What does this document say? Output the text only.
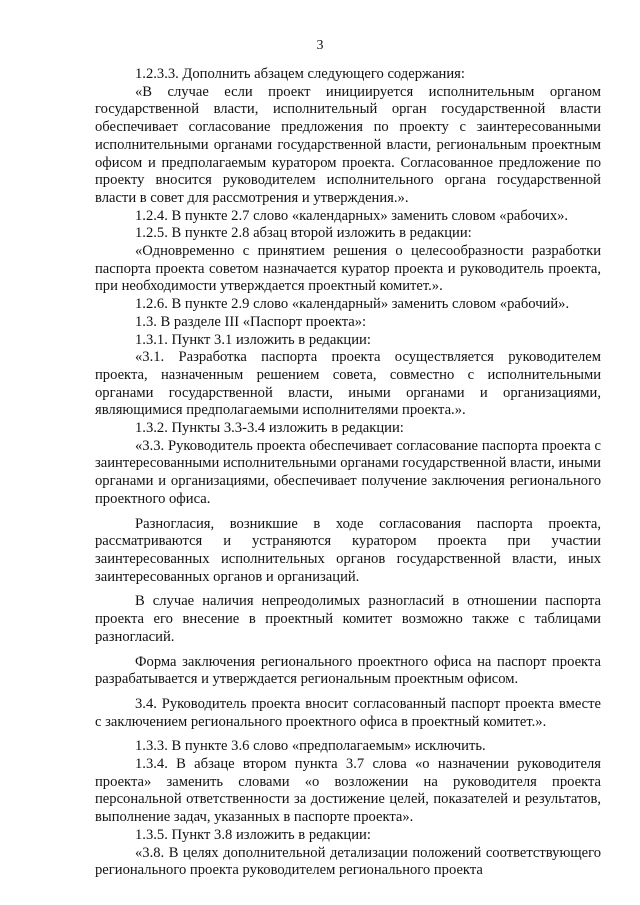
3

1.2.3.3. Дополнить абзацем следующего содержания:

«В случае если проект инициируется исполнительным органом государственной власти, исполнительный орган государственной власти обеспечивает согласование предложения по проекту с заинтересованными исполнительными органами государственной власти, региональным проектным офисом и предполагаемым куратором проекта. Согласованное предложение по проекту вносится руководителем исполнительного органа государственной власти в совет для рассмотрения и утверждения.».

1.2.4. В пункте 2.7 слово «календарных» заменить словом «рабочих».

1.2.5. В пункте 2.8 абзац второй изложить в редакции:

«Одновременно с принятием решения о целесообразности разработки паспорта проекта советом назначается куратор проекта и руководитель проекта, при необходимости утверждается проектный комитет.».

1.2.6. В пункте 2.9 слово «календарный» заменить словом «рабочий».

1.3. В разделе III «Паспорт проекта»:

1.3.1. Пункт 3.1 изложить в редакции:

«3.1. Разработка паспорта проекта осуществляется руководителем проекта, назначенным решением совета, совместно с исполнительными органами государственной власти, иными органами и организациями, являющимися предполагаемыми исполнителями проекта.».

1.3.2. Пункты 3.3-3.4 изложить в редакции:

«3.3. Руководитель проекта обеспечивает согласование паспорта проекта с заинтересованными исполнительными органами государственной власти, иными органами и организациями, обеспечивает получение заключения регионального проектного офиса.

Разногласия, возникшие в ходе согласования паспорта проекта, рассматриваются и устраняются куратором проекта при участии заинтересованных исполнительных органов государственной власти, иных заинтересованных органов и организаций.

В случае наличия непреодолимых разногласий в отношении паспорта проекта его внесение в проектный комитет возможно также с таблицами разногласий.

Форма заключения регионального проектного офиса на паспорт проекта разрабатывается и утверждается региональным проектным офисом.

3.4. Руководитель проекта вносит согласованный паспорт проекта вместе с заключением регионального проектного офиса в проектный комитет.».

1.3.3. В пункте 3.6 слово «предполагаемым» исключить.

1.3.4. В абзаце втором пункта 3.7 слова «о назначении руководителя проекта» заменить словами «о возложении на руководителя проекта персональной ответственности за достижение целей, показателей и результатов, выполнение задач, указанных в паспорте проекта».

1.3.5. Пункт 3.8 изложить в редакции:

«3.8. В целях дополнительной детализации положений соответствующего регионального проекта руководителем регионального проекта
